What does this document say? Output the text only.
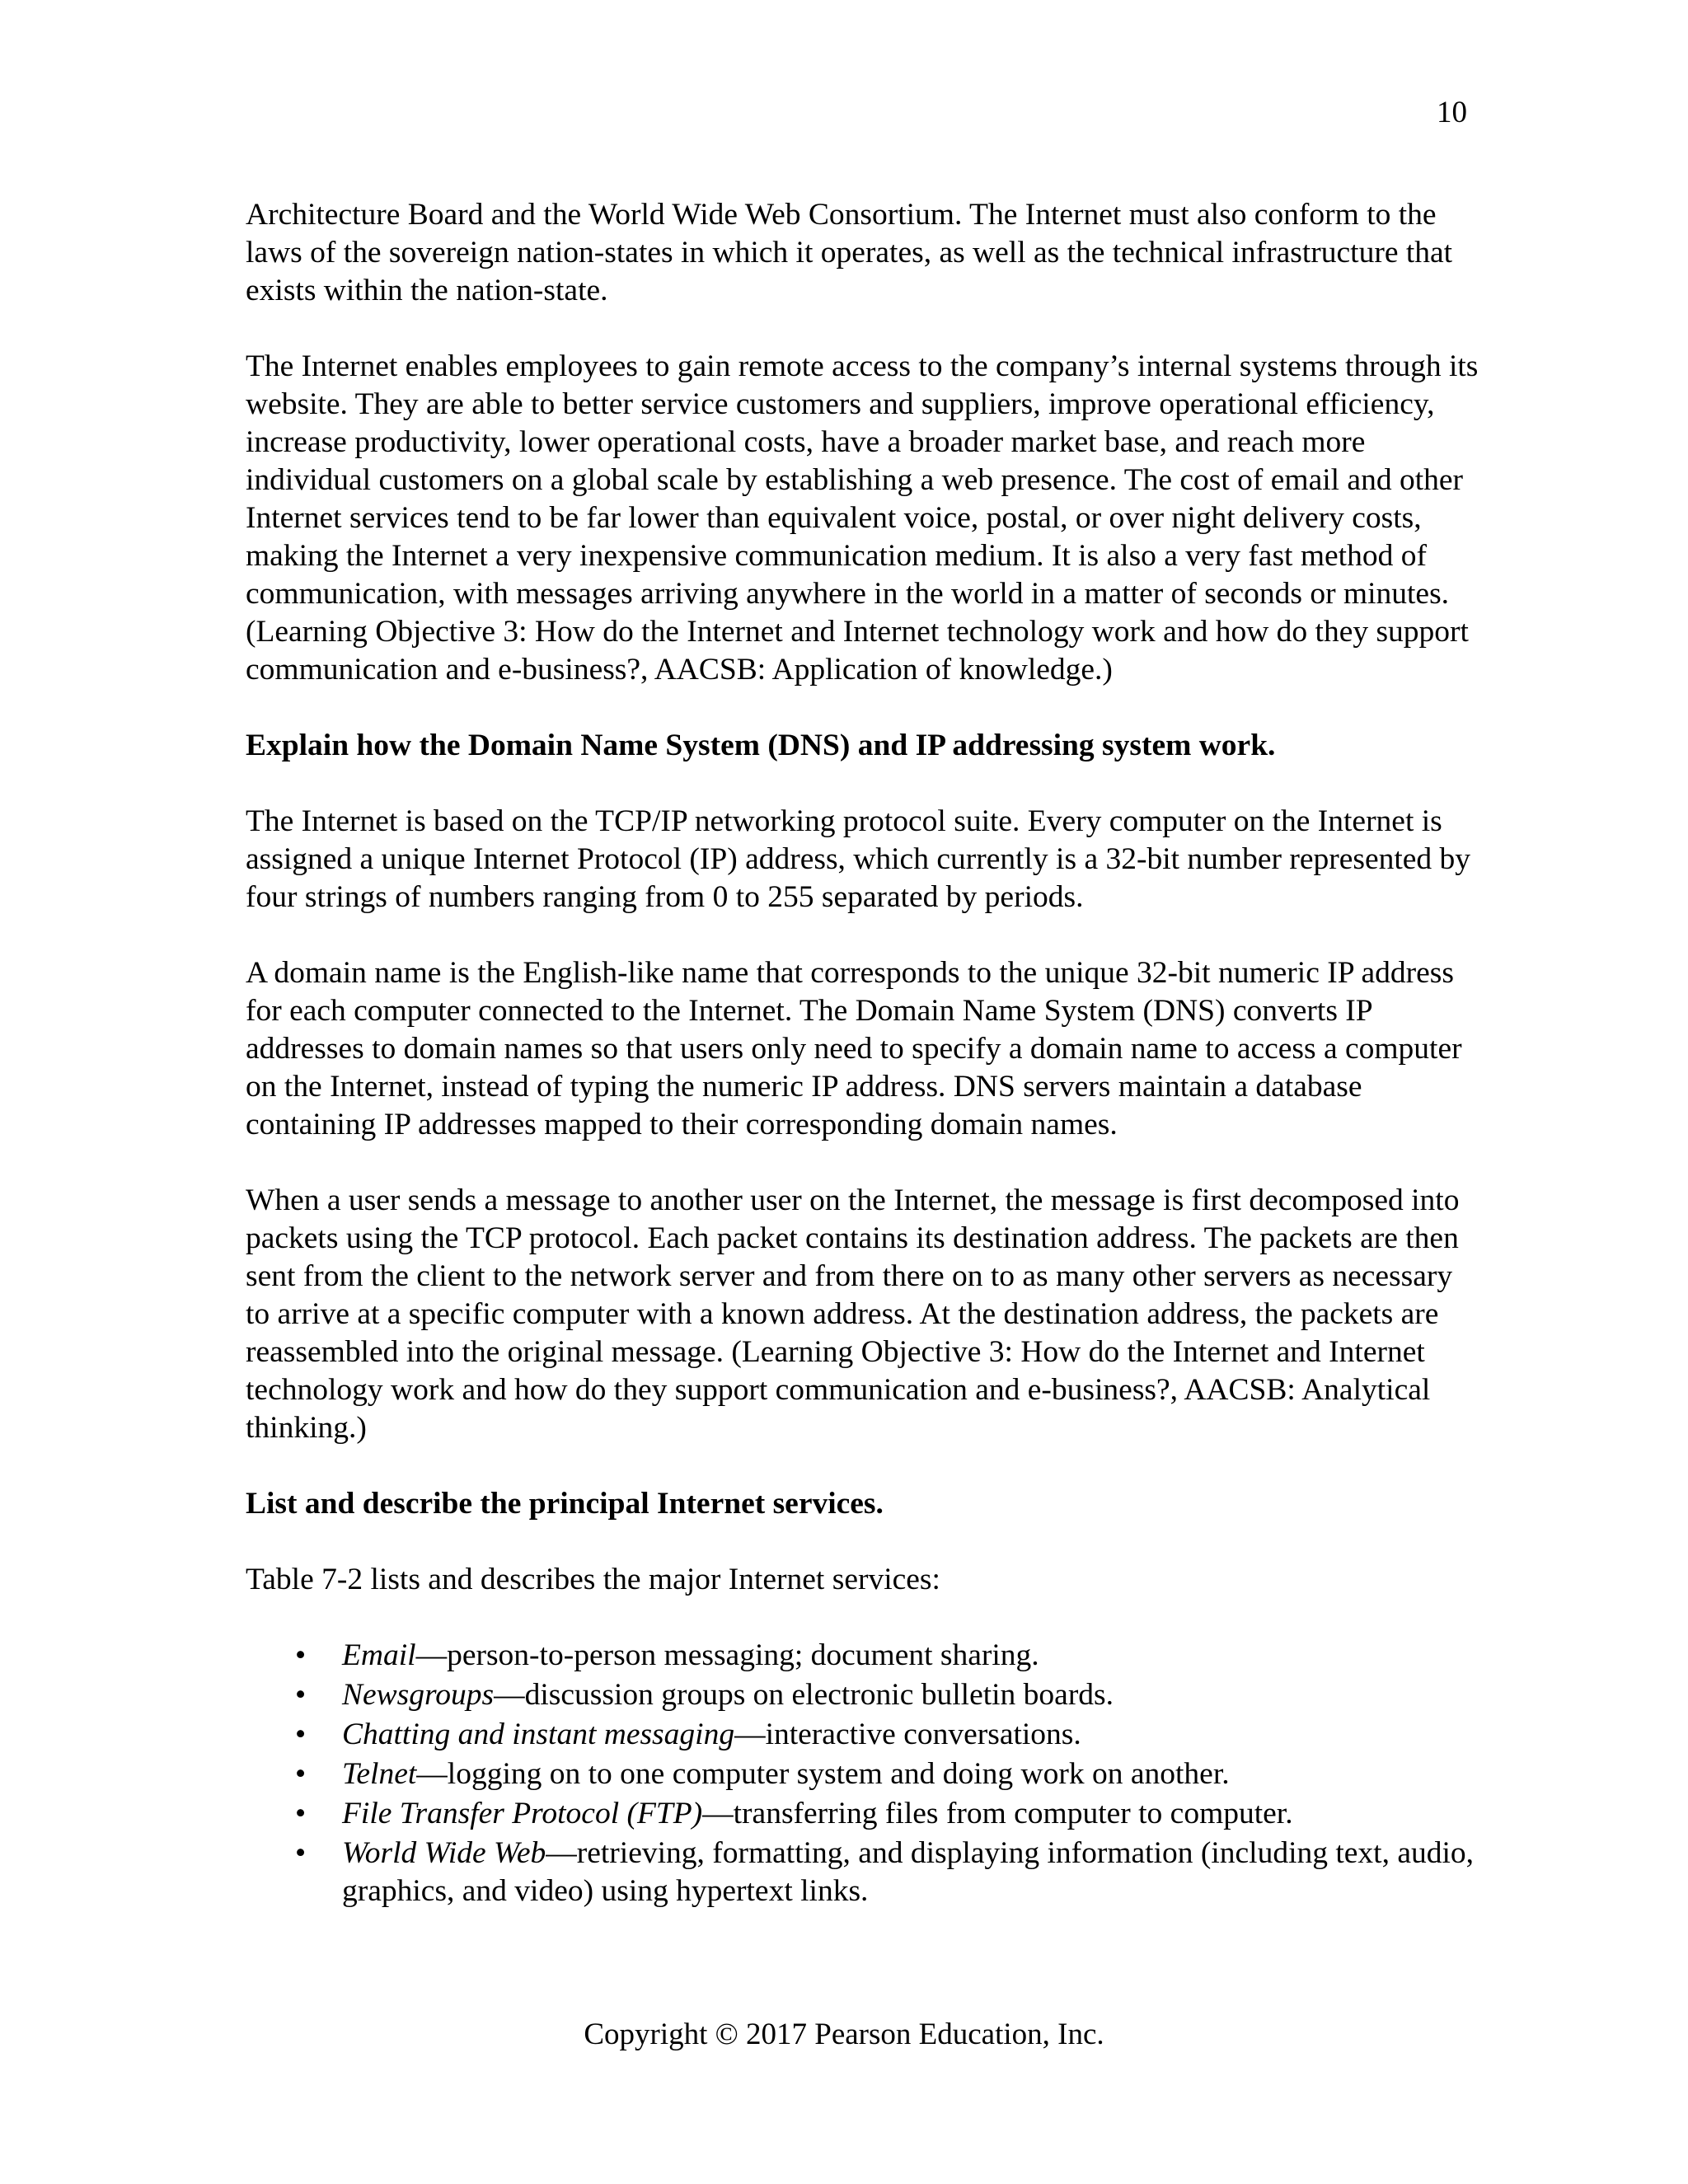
10

Architecture Board and the World Wide Web Consortium. The Internet must also conform to the laws of the sovereign nation-states in which it operates, as well as the technical infrastructure that exists within the nation-state.

The Internet enables employees to gain remote access to the company’s internal systems through its website. They are able to better service customers and suppliers, improve operational efficiency, increase productivity, lower operational costs, have a broader market base, and reach more individual customers on a global scale by establishing a web presence. The cost of email and other Internet services tend to be far lower than equivalent voice, postal, or over night delivery costs, making the Internet a very inexpensive communication medium. It is also a very fast method of communication, with messages arriving anywhere in the world in a matter of seconds or minutes. (Learning Objective 3: How do the Internet and Internet technology work and how do they support communication and e-business?, AACSB: Application of knowledge.)

Explain how the Domain Name System (DNS) and IP addressing system work.

The Internet is based on the TCP/IP networking protocol suite. Every computer on the Internet is assigned a unique Internet Protocol (IP) address, which currently is a 32-bit number represented by four strings of numbers ranging from 0 to 255 separated by periods.

A domain name is the English-like name that corresponds to the unique 32-bit numeric IP address for each computer connected to the Internet. The Domain Name System (DNS) converts IP addresses to domain names so that users only need to specify a domain name to access a computer on the Internet, instead of typing the numeric IP address. DNS servers maintain a database containing IP addresses mapped to their corresponding domain names.

When a user sends a message to another user on the Internet, the message is first decomposed into packets using the TCP protocol. Each packet contains its destination address. The packets are then sent from the client to the network server and from there on to as many other servers as necessary to arrive at a specific computer with a known address. At the destination address, the packets are reassembled into the original message. (Learning Objective 3: How do the Internet and Internet technology work and how do they support communication and e-business?, AACSB: Analytical thinking.)

List and describe the principal Internet services.

Table 7-2 lists and describes the major Internet services:

• Email—person-to-person messaging; document sharing.
• Newsgroups—discussion groups on electronic bulletin boards.
• Chatting and instant messaging—interactive conversations.
• Telnet—logging on to one computer system and doing work on another.
• File Transfer Protocol (FTP)—transferring files from computer to computer.
• World Wide Web—retrieving, formatting, and displaying information (including text, audio, graphics, and video) using hypertext links.
Copyright © 2017 Pearson Education, Inc.
